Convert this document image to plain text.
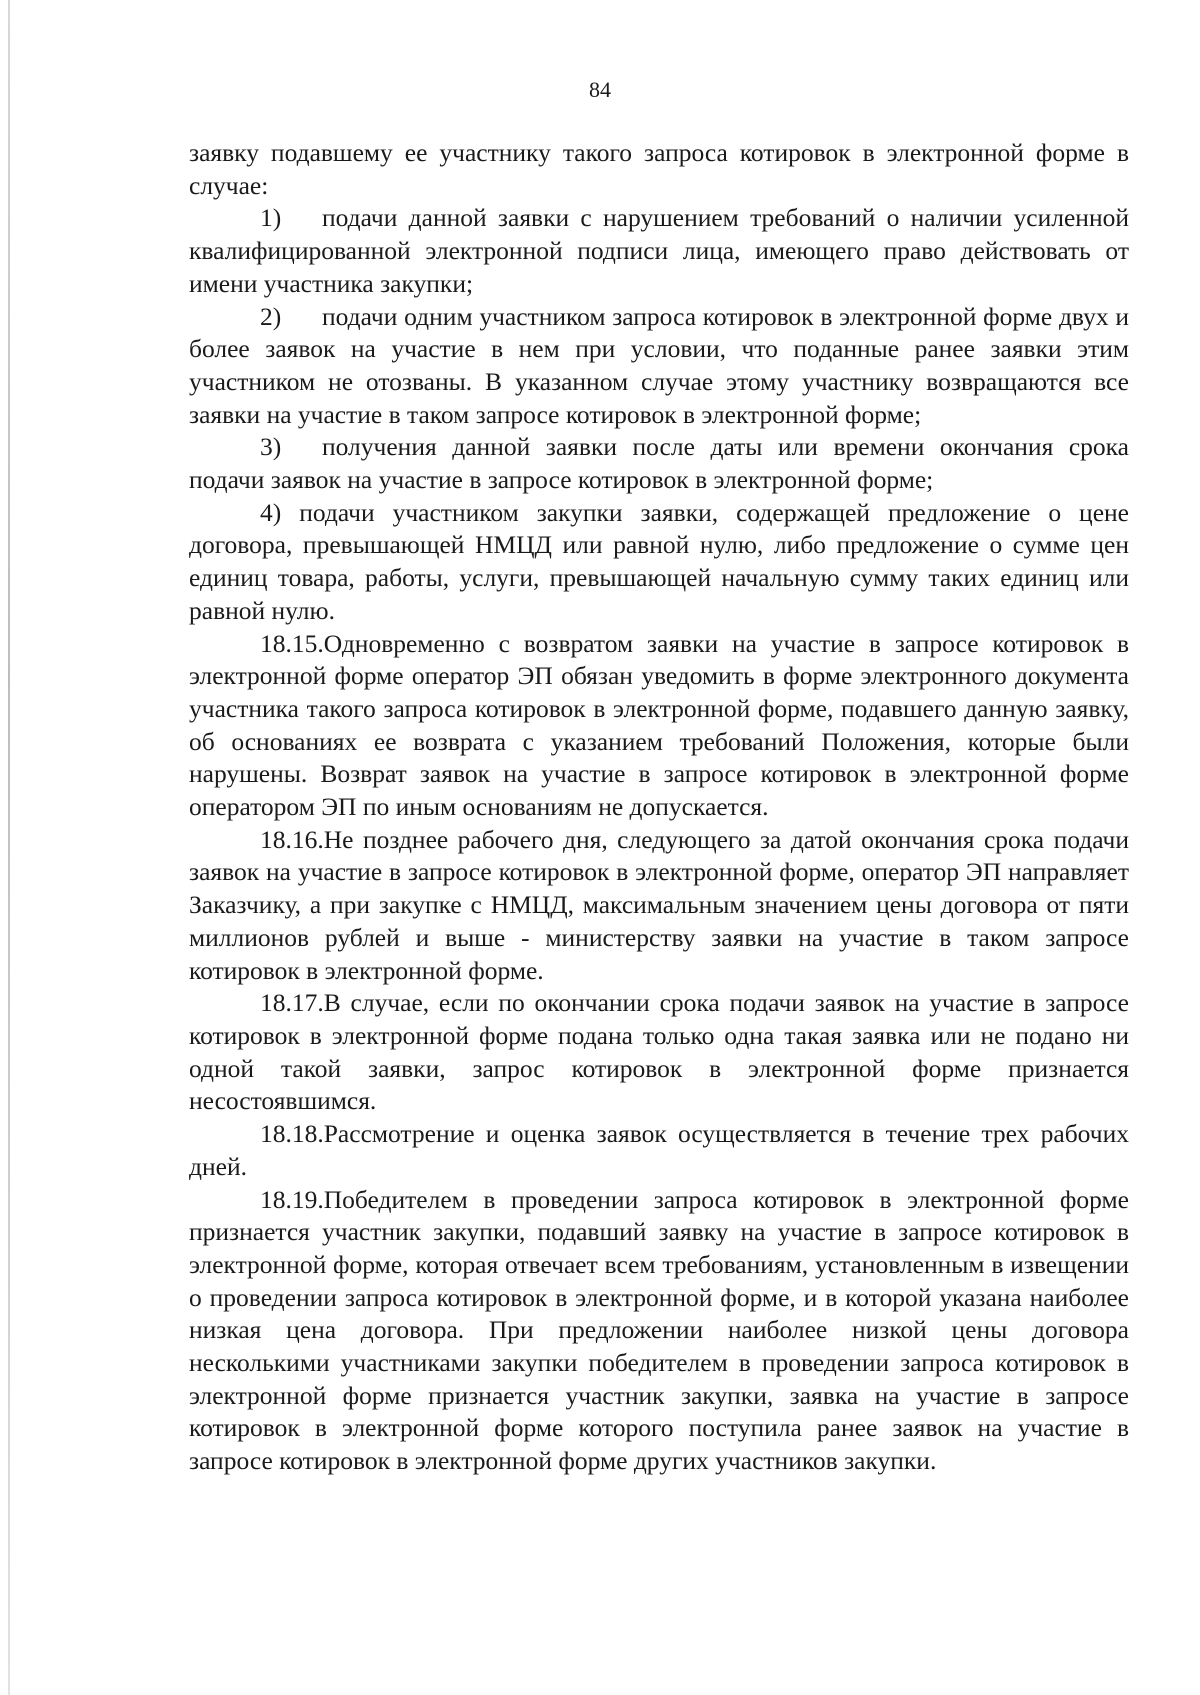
84

заявку подавшему ее участнику такого запроса котировок в электронной форме в случае:

1) подачи данной заявки с нарушением требований о наличии усиленной квалифицированной электронной подписи лица, имеющего право действовать от имени участника закупки;

2) подачи одним участником запроса котировок в электронной форме двух и более заявок на участие в нем при условии, что поданные ранее заявки этим участником не отозваны. В указанном случае этому участнику возвращаются все заявки на участие в таком запросе котировок в электронной форме;

3) получения данной заявки после даты или времени окончания срока подачи заявок на участие в запросе котировок в электронной форме;

4) подачи участником закупки заявки, содержащей предложение о цене договора, превышающей НМЦД или равной нулю, либо предложение о сумме цен единиц товара, работы, услуги, превышающей начальную сумму таких единиц или равной нулю.

18.15.Одновременно с возвратом заявки на участие в запросе котировок в электронной форме оператор ЭП обязан уведомить в форме электронного документа участника такого запроса котировок в электронной форме, подавшего данную заявку, об основаниях ее возврата с указанием требований Положения, которые были нарушены. Возврат заявок на участие в запросе котировок в электронной форме оператором ЭП по иным основаниям не допускается.

18.16.Не позднее рабочего дня, следующего за датой окончания срока подачи заявок на участие в запросе котировок в электронной форме, оператор ЭП направляет Заказчику, а при закупке с НМЦД, максимальным значением цены договора от пяти миллионов рублей и выше - министерству заявки на участие в таком запросе котировок в электронной форме.

18.17.В случае, если по окончании срока подачи заявок на участие в запросе котировок в электронной форме подана только одна такая заявка или не подано ни одной такой заявки, запрос котировок в электронной форме признается несостоявшимся.

18.18.Рассмотрение и оценка заявок осуществляется в течение трех рабочих дней.

18.19.Победителем в проведении запроса котировок в электронной форме признается участник закупки, подавший заявку на участие в запросе котировок в электронной форме, которая отвечает всем требованиям, установленным в извещении о проведении запроса котировок в электронной форме, и в которой указана наиболее низкая цена договора. При предложении наиболее низкой цены договора несколькими участниками закупки победителем в проведении запроса котировок в электронной форме признается участник закупки, заявка на участие в запросе котировок в электронной форме которого поступила ранее заявок на участие в запросе котировок в электронной форме других участников закупки.
